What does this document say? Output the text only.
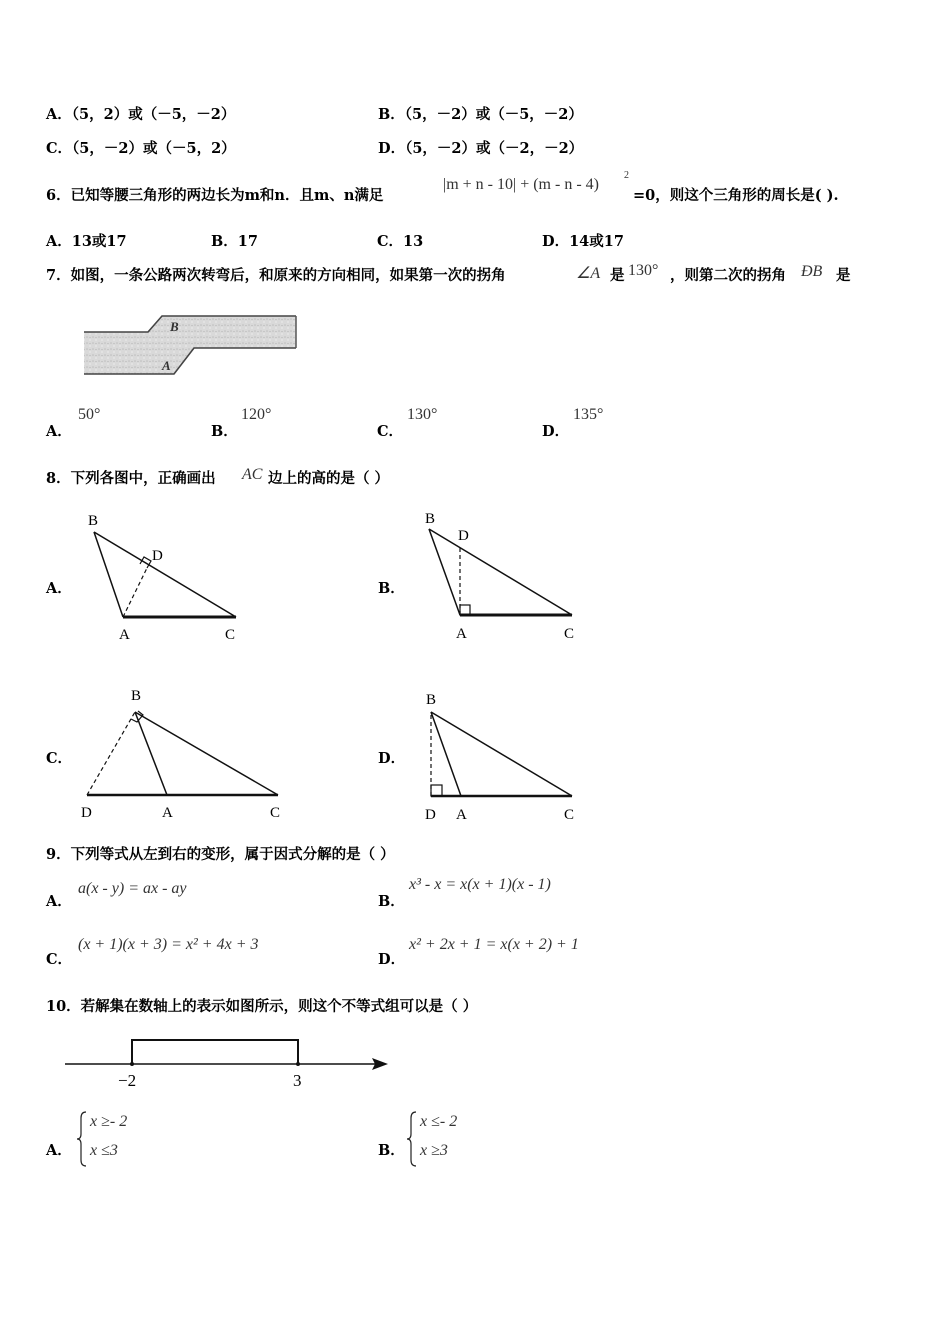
A．（5，2）或（－5，－2）	B．（5，－2）或（－5，－2）
C．（5，－2）或（－5，2）	D．（5，－2）或（－2，－2）
6．已知等腰三角形的两边长为m和n．且m、n满足
|m + n - 10| + (m - n - 4)
2
=0，则这个三角形的周长是( ).
A．13或17	B．17	C．13	D．14或17
7．如图，一条公路两次转弯后，和原来的方向相同，如果第一次的拐角	∠A 是 130° ，则第二次的拐角 ÐB 是
B
A
A．
50°
B．
120°
C．
130°
D．
135°
8．下列各图中，正确画出 AC 边上的高的是（ ）
A．
B
D
A	C
B．
B
D
A	C
C．
B
D	A	C
D．
B
D A	C
9．下列等式从左到右的变形，属于因式分解的是（ ）
A．
a(x - y) = ax - ay
B．
x³ - x = x(x + 1)(x - 1)
C．
(x + 1)(x + 3) = x² + 4x + 3
D．
x² + 2x + 1 = x(x + 2) + 1
10．若解集在数轴上的表示如图所示，则这个不等式组可以是（ ）
−2	3
A．
x ≥- 2
x ≤3	B．
x ≤- 2
x ≥3
